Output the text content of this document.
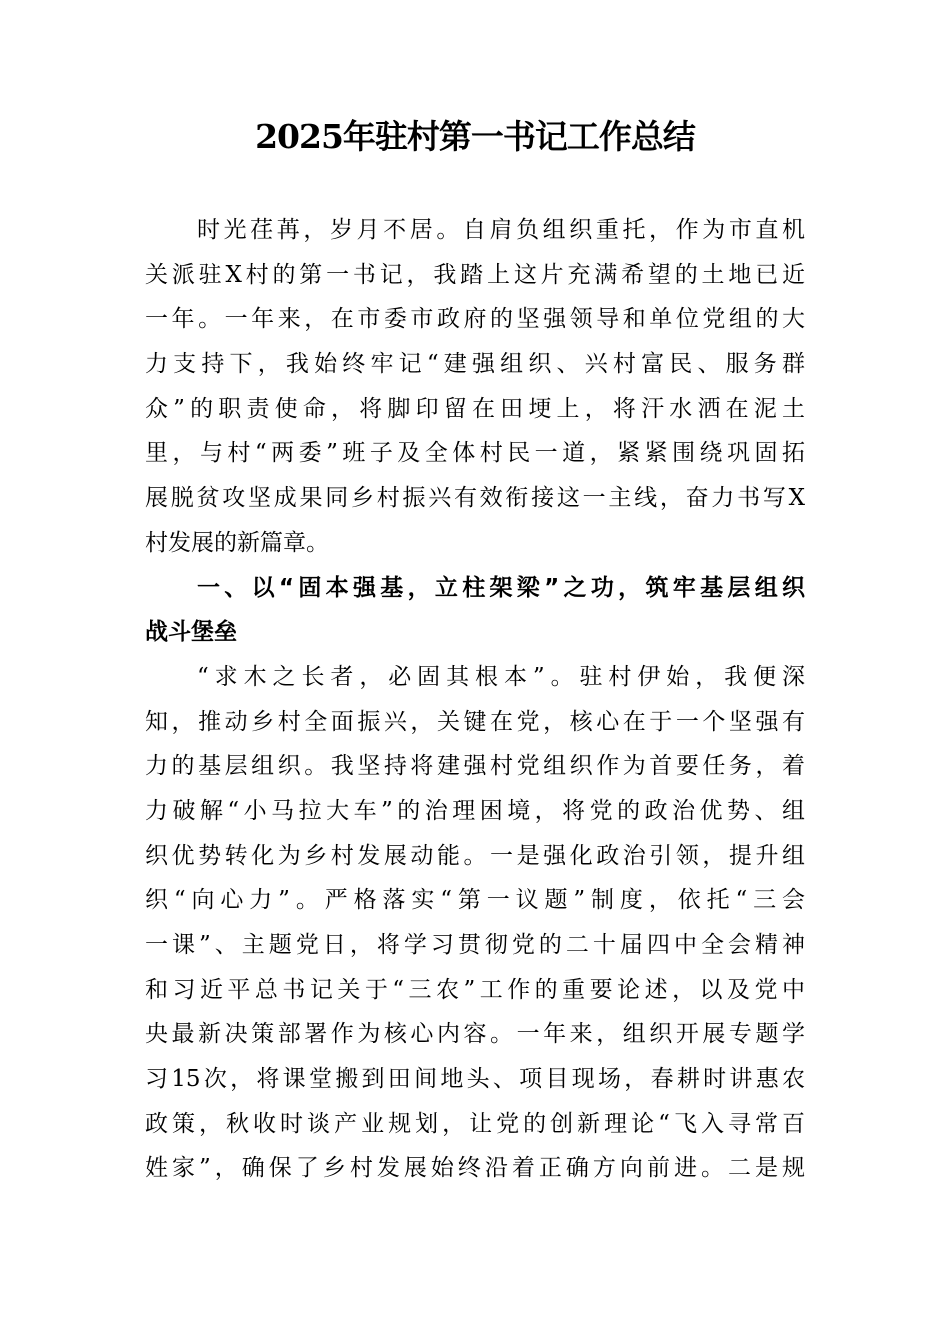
2025年驻村第一书记工作总结
时光荏苒，岁月不居。自肩负组织重托，作为市直机
关派驻X村的第一书记，我踏上这片充满希望的土地已近
一年。一年来，在市委市政府的坚强领导和单位党组的大
力支持下，我始终牢记“建强组织、兴村富民、服务群
众”的职责使命，将脚印留在田埂上，将汗水洒在泥土
里，与村“两委”班子及全体村民一道，紧紧围绕巩固拓
展脱贫攻坚成果同乡村振兴有效衔接这一主线，奋力书写X
村发展的新篇章。
一、以“固本强基，立柱架梁”之功，筑牢基层组织
战斗堡垒
“求木之长者，必固其根本”。驻村伊始，我便深
知，推动乡村全面振兴，关键在党，核心在于一个坚强有
力的基层组织。我坚持将建强村党组织作为首要任务，着
力破解“小马拉大车”的治理困境，将党的政治优势、组
织优势转化为乡村发展动能。一是强化政治引领，提升组
织“向心力”。严格落实“第一议题”制度，依托“三会
一课”、主题党日，将学习贯彻党的二十届四中全会精神
和习近平总书记关于“三农”工作的重要论述，以及党中
央最新决策部署作为核心内容。一年来，组织开展专题学
习15次，将课堂搬到田间地头、项目现场，春耕时讲惠农
政策，秋收时谈产业规划，让党的创新理论“飞入寻常百
姓家”，确保了乡村发展始终沿着正确方向前进。二是规
